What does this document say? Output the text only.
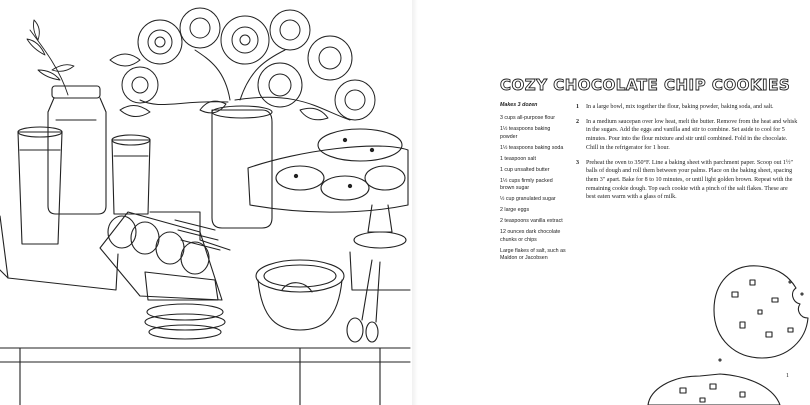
COZY CHOCOLATE CHIP COOKIES
Makes 3 dozen
3 cups all-purpose flour
1½ teaspoons baking powder
1½ teaspoons baking soda
1 teaspoon salt
1 cup unsalted butter
1½ cups firmly packed brown sugar
½ cup granulated sugar
2 large eggs
2 teaspoons vanilla extract
12 ounces dark chocolate chunks or chips
Large flakes of salt, such as Maldon or Jacobsen
1 In a large bowl, mix together the flour, baking powder, baking soda, and salt.
2 In a medium saucepan over low heat, melt the butter. Remove from the heat and whisk in the sugars. Add the eggs and vanilla and stir to combine. Set aside to cool for 5 minutes. Pour into the flour mixture and stir until combined. Fold in the chocolate. Chill in the refrigerator for 1 hour.
3 Preheat the oven to 350°F. Line a baking sheet with parchment paper. Scoop out 1½" balls of dough and roll them between your palms. Place on the baking sheet, spacing them 3" apart. Bake for 8 to 10 minutes, or until light golden brown. Repeat with the remaining cookie dough. Top each cookie with a pinch of the salt flakes. These are best eaten warm with a glass of milk.
1
